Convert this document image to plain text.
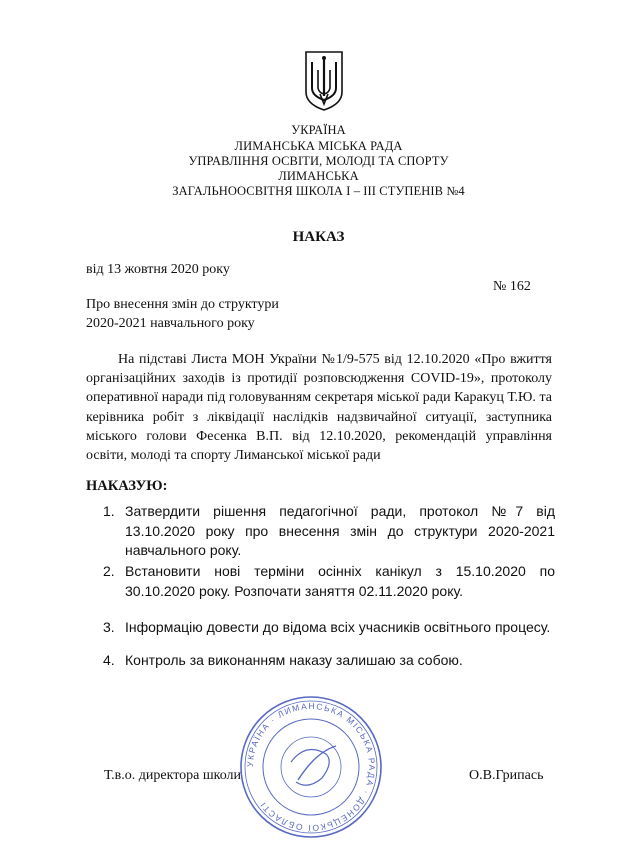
УКРАЇНА
ЛИМАНСЬКА МІСЬКА РАДА
УПРАВЛІННЯ ОСВІТИ, МОЛОДІ ТА СПОРТУ
ЛИМАНСЬКА
ЗАГАЛЬНООСВІТНЯ ШКОЛА І – ІІІ СТУПЕНІВ №4
НАКАЗ
від 13 жовтня 2020 року
№ 162
Про внесення змін до структури
2020-2021 навчального року
На підставі Листа МОН України №1/9-575 від 12.10.2020 «Про вжиття організаційних заходів із протидії розповсюдження COVID-19», протоколу оперативної наради під головуванням секретаря міської ради Каракуц Т.Ю. та керівника робіт з ліквідації наслідків надзвичайної ситуації, заступника міського голови Фесенка В.П. від 12.10.2020, рекомендацій управління освіти, молоді та спорту Лиманської міської ради
НАКАЗУЮ:
1. Затвердити рішення педагогічної ради, протокол №7 від 13.10.2020 року про внесення змін до структури 2020-2021 навчального року.
2. Встановити нові терміни осінніх канікул з 15.10.2020 по 30.10.2020 року. Розпочати заняття 02.11.2020 року.
3. Інформацію довести до відома всіх учасників освітнього процесу.
4. Контроль за виконанням наказу залишаю за собою.
УКРАЇНА · ЛИМАНСЬКА МІСЬКА РАДА · ДОНЕЦЬКОЇ ОБЛАСТІ
Т.в.о. директора школи	О.В.Грипась
